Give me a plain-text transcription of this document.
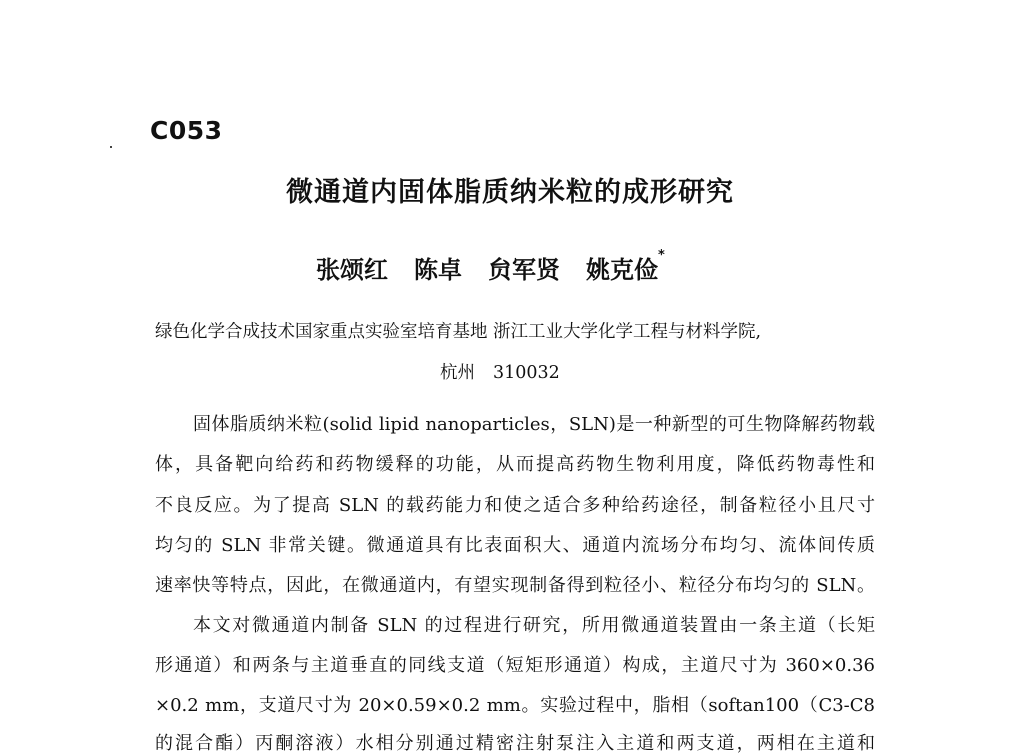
C053
微通道内固体脂质纳米粒的成形研究
张颂红 陈卓 贠军贤 姚克俭*
绿色化学合成技术国家重点实验室培育基地 浙江工业大学化学工程与材料学院,
杭州 310032
固体脂质纳米粒(solid lipid nanoparticles，SLN)是一种新型的可生物降解药物载
体，具备靶向给药和药物缓释的功能，从而提高药物生物利用度，降低药物毒性和
不良反应。为了提高 SLN 的载药能力和使之适合多种给药途径，制备粒径小且尺寸
均匀的 SLN 非常关键。微通道具有比表面积大、通道内流场分布均匀、流体间传质
速率快等特点，因此，在微通道内，有望实现制备得到粒径小、粒径分布均匀的 SLN。
本文对微通道内制备 SLN 的过程进行研究，所用微通道装置由一条主道（长矩
形通道）和两条与主道垂直的同线支道（短矩形通道）构成，主道尺寸为 360×0.36
×0.2 mm，支道尺寸为 20×0.59×0.2 mm。实验过程中，脂相（softan100（C3-C8
的混合酯）丙酮溶液）水相分别通过精密注射泵注入主道和两支道，两相在主道和
